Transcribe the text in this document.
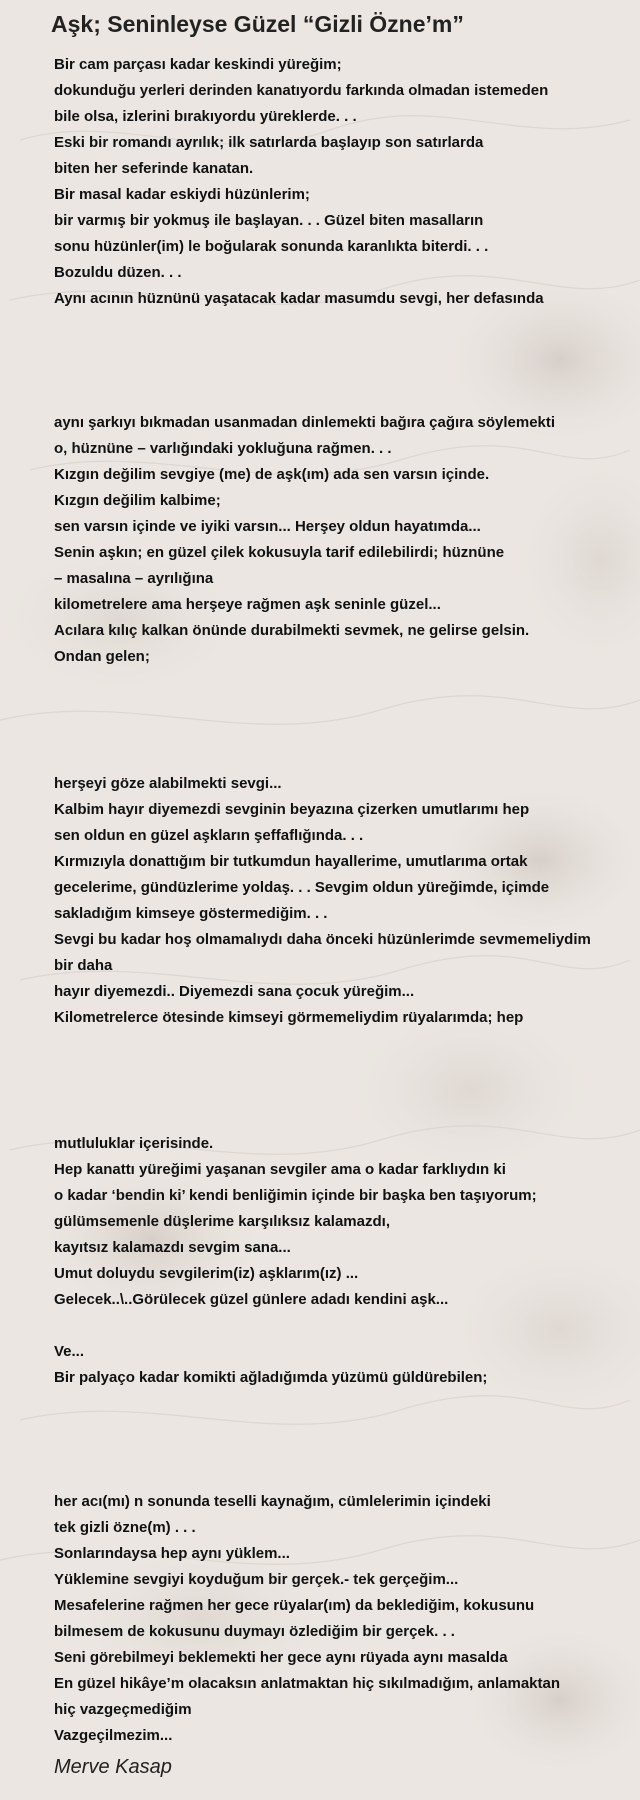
Aşk; Seninleyse Güzel “Gizli Özne’m”
Bir cam parçası kadar keskindi yüreğim;
dokunduğu yerleri derinden kanatıyordu farkında olmadan istemeden
bile olsa, izlerini bırakıyordu yüreklerde. . .
Eski bir romandı ayrılık; ilk satırlarda başlayıp son satırlarda
biten her seferinde kanatan.
Bir masal kadar eskiydi hüzünlerim;
bir varmış bir yokmuş ile başlayan. . . Güzel biten masalların
sonu hüzünler(im) le boğularak sonunda karanlıkta biterdi. . .
Bozuldu düzen. . .
Aynı acının hüznünü yaşatacak kadar masumdu sevgi, her defasında
aynı şarkıyı bıkmadan usanmadan dinlemekti bağıra çağıra söylemekti
o, hüznüne – varlığındaki yokluğuna rağmen. . .
Kızgın değilim sevgiye (me) de aşk(ım) ada sen varsın içinde.
Kızgın değilim kalbime;
sen varsın içinde ve iyiki varsın... Herşey oldun hayatımda...
Senin aşkın; en güzel çilek kokusuyla tarif edilebilirdi; hüznüne
– masalına – ayrılığına
kilometrelere ama herşeye rağmen aşk seninle güzel...
Acılara kılıç kalkan önünde durabilmekti sevmek, ne gelirse gelsin.
Ondan gelen;
herşeyi göze alabilmekti sevgi...
Kalbim hayır diyemezdi sevginin beyazına çizerken umutlarımı hep
sen oldun en güzel aşkların şeffaflığında. . .
Kırmızıyla donattığım bir tutkumdun hayallerime, umutlarıma ortak
gecelerime, gündüzlerime yoldaş. . . Sevgim oldun yüreğimde, içimde
sakladığım kimseye göstermediğim. . .
Sevgi bu kadar hoş olmamalıydı daha önceki hüzünlerimde sevmemeliydim
bir daha
hayır diyemezdi.. Diyemezdi sana çocuk yüreğim...
Kilometrelerce ötesinde kimseyi görmemeliydim rüyalarımda; hep
mutluluklar içerisinde.
Hep kanattı yüreğimi yaşanan sevgiler ama o kadar farklıydın ki
o kadar ‘bendin ki’ kendi benliğimin içinde bir başka ben taşıyorum;
gülümsemenle düşlerime karşılıksız kalamazdı,
kayıtsız kalamazdı sevgim sana...
Umut doluydu sevgilerim(iz) aşklarım(ız) ...
Gelecek..\..Görülecek güzel günlere adadı kendini aşk...
Ve...
Bir palyaço kadar komikti ağladığımda yüzümü güldürebilen;
her acı(mı) n sonunda teselli kaynağım, cümlelerimin içindeki
tek gizli özne(m) . . .
Sonlarındaysa hep aynı yüklem...
Yüklemine sevgiyi koyduğum bir gerçek.- tek gerçeğim...
Mesafelerine rağmen her gece rüyalar(ım) da beklediğim, kokusunu
bilmesem de kokusunu duymayı özlediğim bir gerçek. . .
Seni görebilmeyi beklemekti her gece aynı rüyada aynı masalda
En güzel hikâye’m olacaksın anlatmaktan hiç sıkılmadığım, anlamaktan
hiç vazgeçmediğim
Vazgeçilmezim...
Merve Kasap
